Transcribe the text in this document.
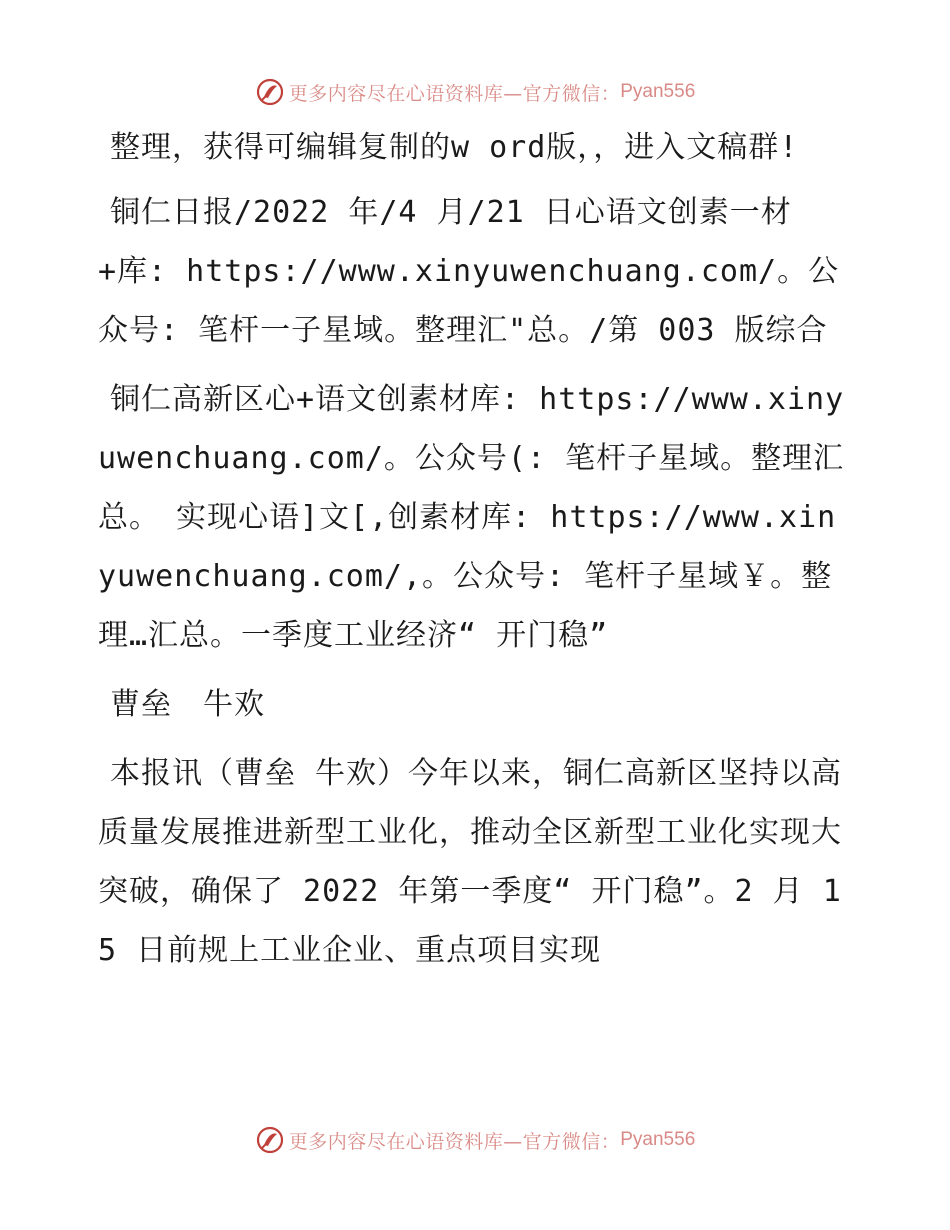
更多内容尽在心语资料库—官方微信： Pyan556

整理，获得可编辑复制的w ord版，，进入文稿群!

铜仁日报/2022 年/4 月/21 日心语文创素一材+库: https://www.xinyuwenchuang.com/。公众号: 笔杆一子星域。整理汇"总。/第 003 版综合

铜仁高新区心+语文创素材库: https://www.xinyuwenchuang.com/。公众号(: 笔杆子星域。整理汇总。　实现心语]文[,创素材库: https://www.xinyuwenchuang.com/,。公众号: 笔杆子星域￥。整理…汇总。一季度工业经济“ 开门稳”

曹垒　牛欢

本报讯（曹垒 牛欢）今年以来，铜仁高新区坚持以高质量发展推进新型工业化，推动全区新型工业化实现大突破，确保了 2022 年第一季度“ 开门稳”。2 月 15 日前规上工业企业、重点项目实现

更多内容尽在心语资料库—官方微信： Pyan556
